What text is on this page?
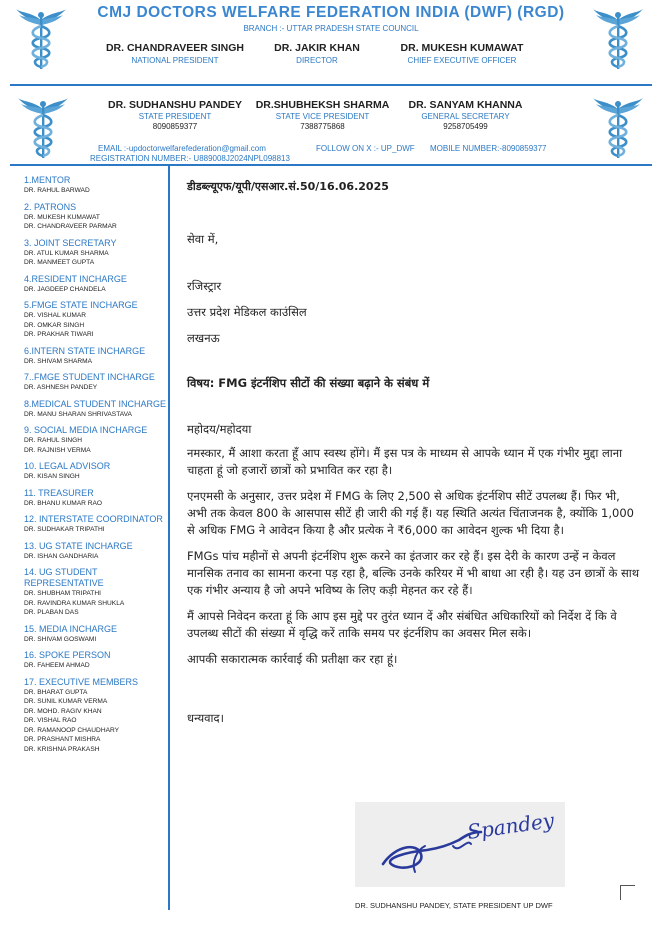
CMJ DOCTORS WELFARE FEDERATION INDIA (DWF) (RGD)
BRANCH :- UTTAR PRADESH STATE COUNCIL
DR. CHANDRAVEER SINGH
NATIONAL PRESIDENT
DR. JAKIR KHAN
DIRECTOR
DR. MUKESH KUMAWAT
CHIEF EXECUTIVE OFFICER
DR. SUDHANSHU PANDEY
STATE PRESIDENT
8090859377
DR.SHUBHEKSH SHARMA
STATE VICE PRESIDENT
7388775868
DR. SANYAM KHANNA
GENERAL SECRETARY
9258705499
EMAIL :-updoctorwelfarefederation@gmail.com	FOLLOW ON X :- UP_DWF MOBILE NUMBER:-8090859377
REGISTRATION NUMBER:- U889008J2024NPL098813
1.MENTOR
DR. RAHUL BARWAD
2. PATRONS
DR. MUKESH KUMAWAT
DR. CHANDRAVEER PARMAR
3. JOINT SECRETARY
DR. ATUL KUMAR SHARMA
DR. MANMEET GUPTA
4.RESIDENT INCHARGE
DR. JAGDEEP CHANDELA
5.FMGE STATE INCHARGE
DR. VISHAL KUMAR
DR. OMKAR SINGH
DR. PRAKHAR TIWARI
6.INTERN STATE INCHARGE
DR. SHIVAM SHARMA
7..FMGE STUDENT INCHARGE
DR. ASHNESH PANDEY
8.MEDICAL STUDENT INCHARGE
DR. MANU SHARAN SHRIVASTAVA
9. SOCIAL MEDIA INCHARGE
DR. RAHUL SINGH
DR. RAJNISH VERMA
10. LEGAL ADVISOR
DR. KISAN SINGH
11. TREASURER
DR. BHANU KUMAR RAO
12. INTERSTATE COORDINATOR
DR. SUDHAKAR TRIPATHI
13. UG STATE INCHARGE
DR. ISHAN GANDHARIA
14. UG STUDENT REPRESENTATIVE
DR. SHUBHAM TRIPATHI
DR. RAVINDRA KUMAR SHUKLA
DR. PLABAN DAS
15. MEDIA INCHARGE
DR. SHIVAM GOSWAMI
16. SPOKE PERSON
DR. FAHEEM AHMAD
17. EXECUTIVE MEMBERS
DR. BHARAT GUPTA
DR. SUNIL KUMAR VERMA
DR. MOHD. RAGIV KHAN
DR. VISHAL RAO
DR. RAMANOOP CHAUDHARY
DR. PRASHANT MISHRA
DR. KRISHNA PRAKASH
डीडब्ल्यूएफ/यूपी/एसआर.सं.50/16.06.2025
सेवा में,
रजिस्ट्रार
उत्तर प्रदेश मेडिकल काउंसिल
लखनऊ
विषय: FMG इंटर्नशिप सीटों की संख्या बढ़ाने के संबंध में
महोदय/महोदया
नमस्कार, मैं आशा करता हूँ आप स्वस्थ होंगे। मैं इस पत्र के माध्यम से आपके ध्यान में एक गंभीर मुद्दा लाना चाहता हूं जो हजारों छात्रों को प्रभावित कर रहा है।
एनएमसी के अनुसार, उत्तर प्रदेश में FMG के लिए 2,500 से अधिक इंटर्नशिप सीटें उपलब्ध हैं। फिर भी, अभी तक केवल 800 के आसपास सीटें ही जारी की गई हैं। यह स्थिति अत्यंत चिंताजनक है, क्योंकि 1,000 से अधिक FMG ने आवेदन किया है और प्रत्येक ने ₹6,000 का आवेदन शुल्क भी दिया है।
FMGs पांच महीनों से अपनी इंटर्नशिप शुरू करने का इंतजार कर रहे हैं। इस देरी के कारण उन्हें न केवल मानसिक तनाव का सामना करना पड़ रहा है, बल्कि उनके करियर में भी बाधा आ रही है। यह उन छात्रों के साथ एक गंभीर अन्याय है जो अपने भविष्य के लिए कड़ी मेहनत कर रहे हैं।
मैं आपसे निवेदन करता हूं कि आप इस मुद्दे पर तुरंत ध्यान दें और संबंधित अधिकारियों को निर्देश दें कि वे उपलब्ध सीटों की संख्या में वृद्धि करें ताकि समय पर इंटर्नशिप का अवसर मिल सके।
आपकी सकारात्मक कार्रवाई की प्रतीक्षा कर रहा हूं।
धन्यवाद।
Spandey
DR. SUDHANSHU PANDEY, STATE PRESIDENT UP DWF
